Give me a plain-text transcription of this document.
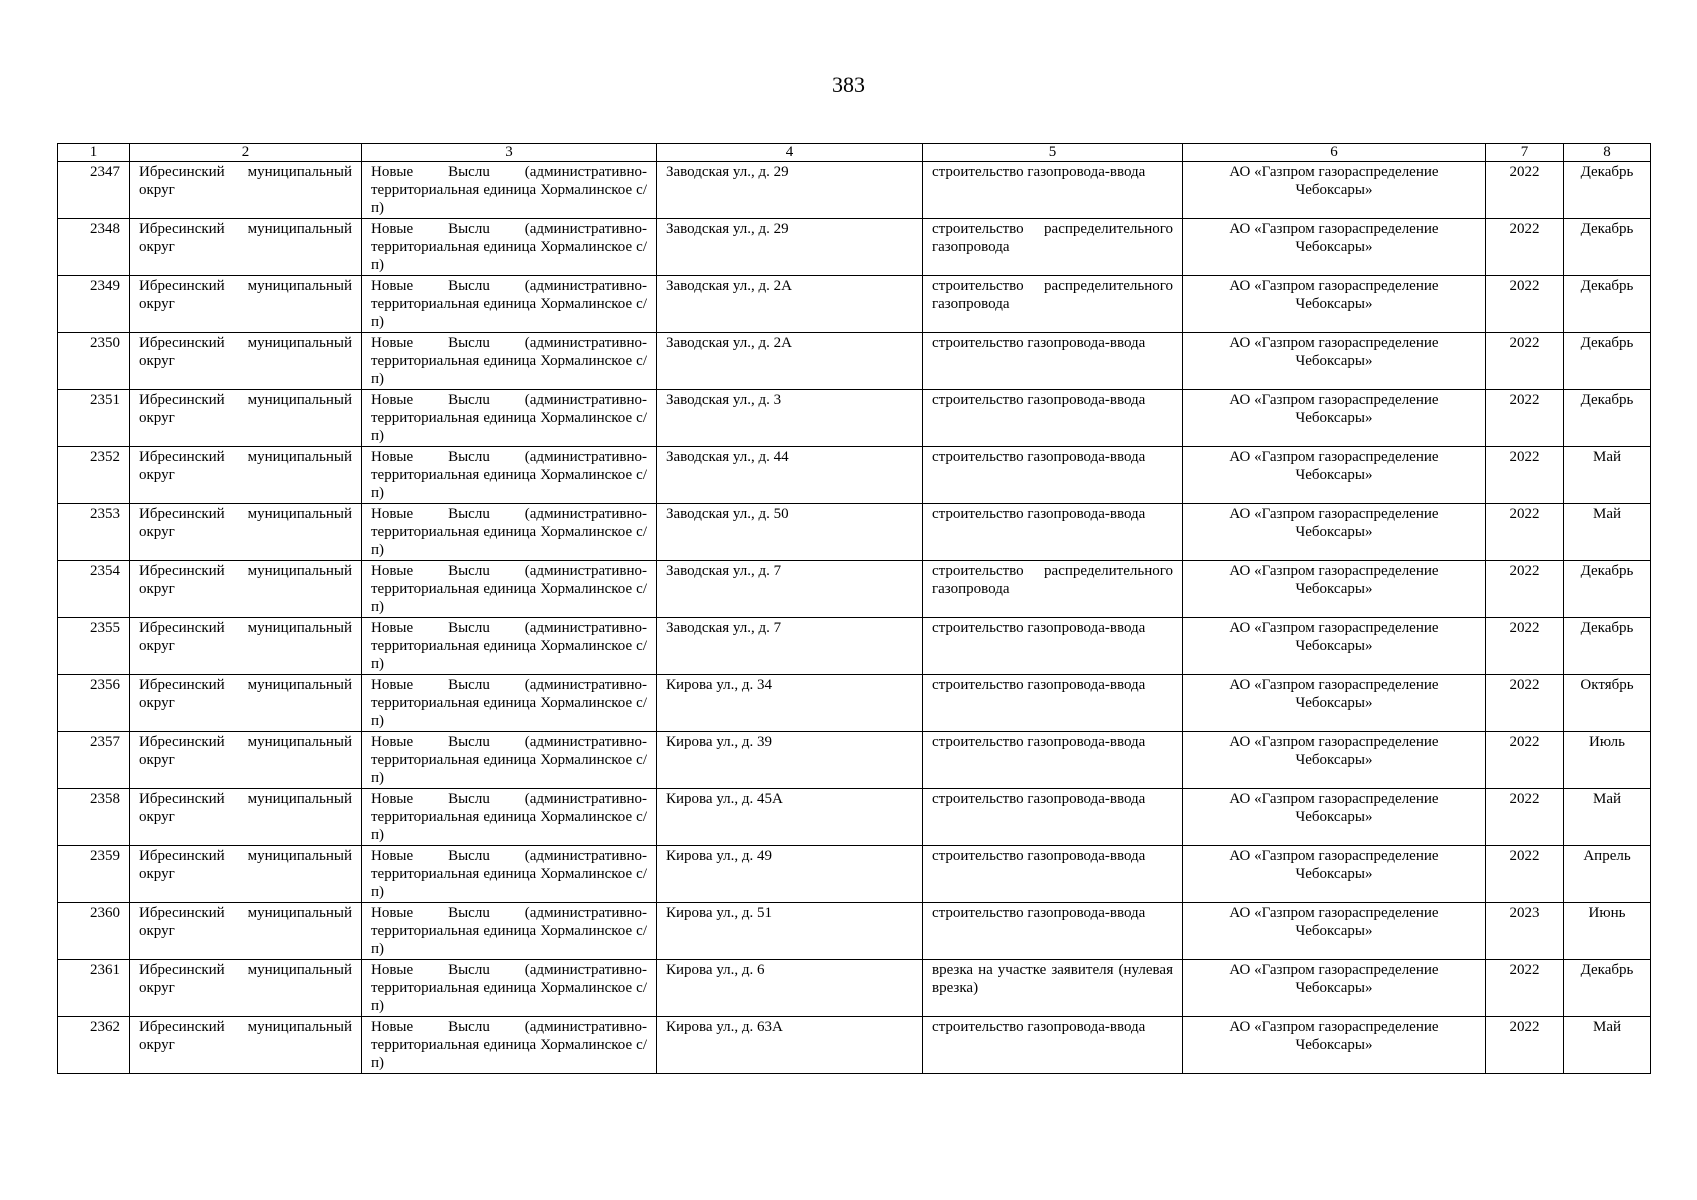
383
1	2	3	4	5	6	7	8
2347	Ибресинский муниципальный округ	Новые Выслu (административно-территориальная единица Хормалинское с/п)	Заводская ул., д. 29	строительство газопровода-ввода	АО «Газпром газораспределение Чебоксары»	2022	Декабрь
2348	Ибресинский муниципальный округ	Новые Выслu (административно-территориальная единица Хормалинское с/п)	Заводская ул., д. 29	строительство распределительного газопровода	АО «Газпром газораспределение Чебоксары»	2022	Декабрь
2349	Ибресинский муниципальный округ	Новые Выслu (административно-территориальная единица Хормалинское с/п)	Заводская ул., д. 2А	строительство распределительного газопровода	АО «Газпром газораспределение Чебоксары»	2022	Декабрь
2350	Ибресинский муниципальный округ	Новые Выслu (административно-территориальная единица Хормалинское с/п)	Заводская ул., д. 2А	строительство газопровода-ввода	АО «Газпром газораспределение Чебоксары»	2022	Декабрь
2351	Ибресинский муниципальный округ	Новые Выслu (административно-территориальная единица Хормалинское с/п)	Заводская ул., д. 3	строительство газопровода-ввода	АО «Газпром газораспределение Чебоксары»	2022	Декабрь
2352	Ибресинский муниципальный округ	Новые Выслu (административно-территориальная единица Хормалинское с/п)	Заводская ул., д. 44	строительство газопровода-ввода	АО «Газпром газораспределение Чебоксары»	2022	Май
2353	Ибресинский муниципальный округ	Новые Выслu (административно-территориальная единица Хормалинское с/п)	Заводская ул., д. 50	строительство газопровода-ввода	АО «Газпром газораспределение Чебоксары»	2022	Май
2354	Ибресинский муниципальный округ	Новые Выслu (административно-территориальная единица Хормалинское с/п)	Заводская ул., д. 7	строительство распределительного газопровода	АО «Газпром газораспределение Чебоксары»	2022	Декабрь
2355	Ибресинский муниципальный округ	Новые Выслu (административно-территориальная единица Хормалинское с/п)	Заводская ул., д. 7	строительство газопровода-ввода	АО «Газпром газораспределение Чебоксары»	2022	Декабрь
2356	Ибресинский муниципальный округ	Новые Выслu (административно-территориальная единица Хормалинское с/п)	Кирова ул., д. 34	строительство газопровода-ввода	АО «Газпром газораспределение Чебоксары»	2022	Октябрь
2357	Ибресинский муниципальный округ	Новые Выслu (административно-территориальная единица Хормалинское с/п)	Кирова ул., д. 39	строительство газопровода-ввода	АО «Газпром газораспределение Чебоксары»	2022	Июль
2358	Ибресинский муниципальный округ	Новые Выслu (административно-территориальная единица Хормалинское с/п)	Кирова ул., д. 45А	строительство газопровода-ввода	АО «Газпром газораспределение Чебоксары»	2022	Май
2359	Ибресинский муниципальный округ	Новые Выслu (административно-территориальная единица Хормалинское с/п)	Кирова ул., д. 49	строительство газопровода-ввода	АО «Газпром газораспределение Чебоксары»	2022	Апрель
2360	Ибресинский муниципальный округ	Новые Выслu (административно-территориальная единица Хормалинское с/п)	Кирова ул., д. 51	строительство газопровода-ввода	АО «Газпром газораспределение Чебоксары»	2023	Июнь
2361	Ибресинский муниципальный округ	Новые Выслu (административно-территориальная единица Хормалинское с/п)	Кирова ул., д. 6	врезка на участке заявителя (нулевая врезка)	АО «Газпром газораспределение Чебоксары»	2022	Декабрь
2362	Ибресинский муниципальный округ	Новые Выслu (административно-территориальная единица Хормалинское с/п)	Кирова ул., д. 63А	строительство газопровода-ввода	АО «Газпром газораспределение Чебоксары»	2022	Май
